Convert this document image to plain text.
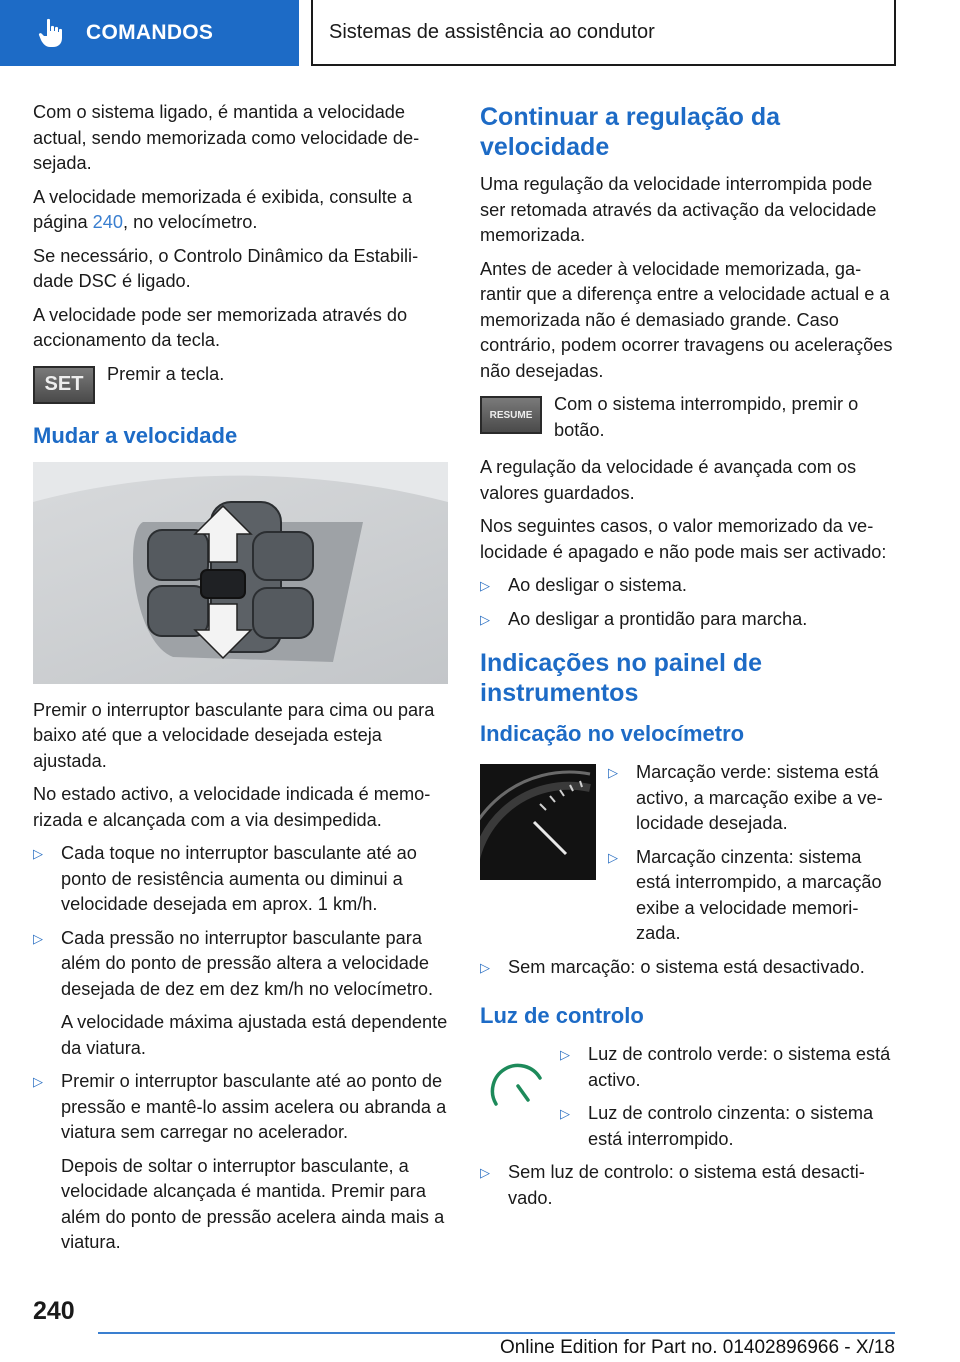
COMANDOS	Sistemas de assistência ao condutor

Com o sistema ligado, é mantida a velocidade actual, sendo memorizada como velocidade desejada.

A velocidade memorizada é exibida, consulte a página 240, no velocímetro.

Se necessário, o Controlo Dinâmico da Estabilidade DSC é ligado.

A velocidade pode ser memorizada através do accionamento da tecla.

SET	Premir a tecla.

Mudar a velocidade

Premir o interruptor basculante para cima ou para baixo até que a velocidade desejada esteja ajustada.

No estado activo, a velocidade indicada é memorizada e alcançada com a via desimpedida.

▷ Cada toque no interruptor basculante até ao ponto de resistência aumenta ou diminui a velocidade desejada em aprox. 1 km/h.
▷ Cada pressão no interruptor basculante para além do ponto de pressão altera a velocidade desejada de dez em dez km/h no velocímetro.
A velocidade máxima ajustada está dependente da viatura.
▷ Premir o interruptor basculante até ao ponto de pressão e mantê-lo assim acelera ou abranda a viatura sem carregar no acelerador.
Depois de soltar o interruptor basculante, a velocidade alcançada é mantida. Premir para além do ponto de pressão acelera ainda mais a viatura.
Continuar a regulação da velocidade

Uma regulação da velocidade interrompida pode ser retomada através da activação da velocidade memorizada.

Antes de aceder à velocidade memorizada, garantir que a diferença entre a velocidade actual e a memorizada não é demasiado grande. Caso contrário, podem ocorrer travagens ou acelerações não desejadas.

RESUME

Com o sistema interrompido, premir o botão.

A regulação da velocidade é avançada com os valores guardados.

Nos seguintes casos, o valor memorizado da velocidade é apagado e não pode mais ser activado:

▷ Ao desligar o sistema.
▷ Ao desligar a prontidão para marcha.
Indicações no painel de instrumentos
Indicação no velocímetro
▷ Marcação verde: sistema está activo, a marcação exibe a velocidade desejada.
▷ Marcação cinzenta: sistema está interrompido, a marcação exibe a velocidade memorizada.
▷ Sem marcação: o sistema está desactivado.
Luz de controlo
▷ Luz de controlo verde: o sistema está activo.
▷ Luz de controlo cinzenta: o sistema está interrompido.
▷ Sem luz de controlo: o sistema está desactivado.
240
Online Edition for Part no. 01402896966 - X/18
